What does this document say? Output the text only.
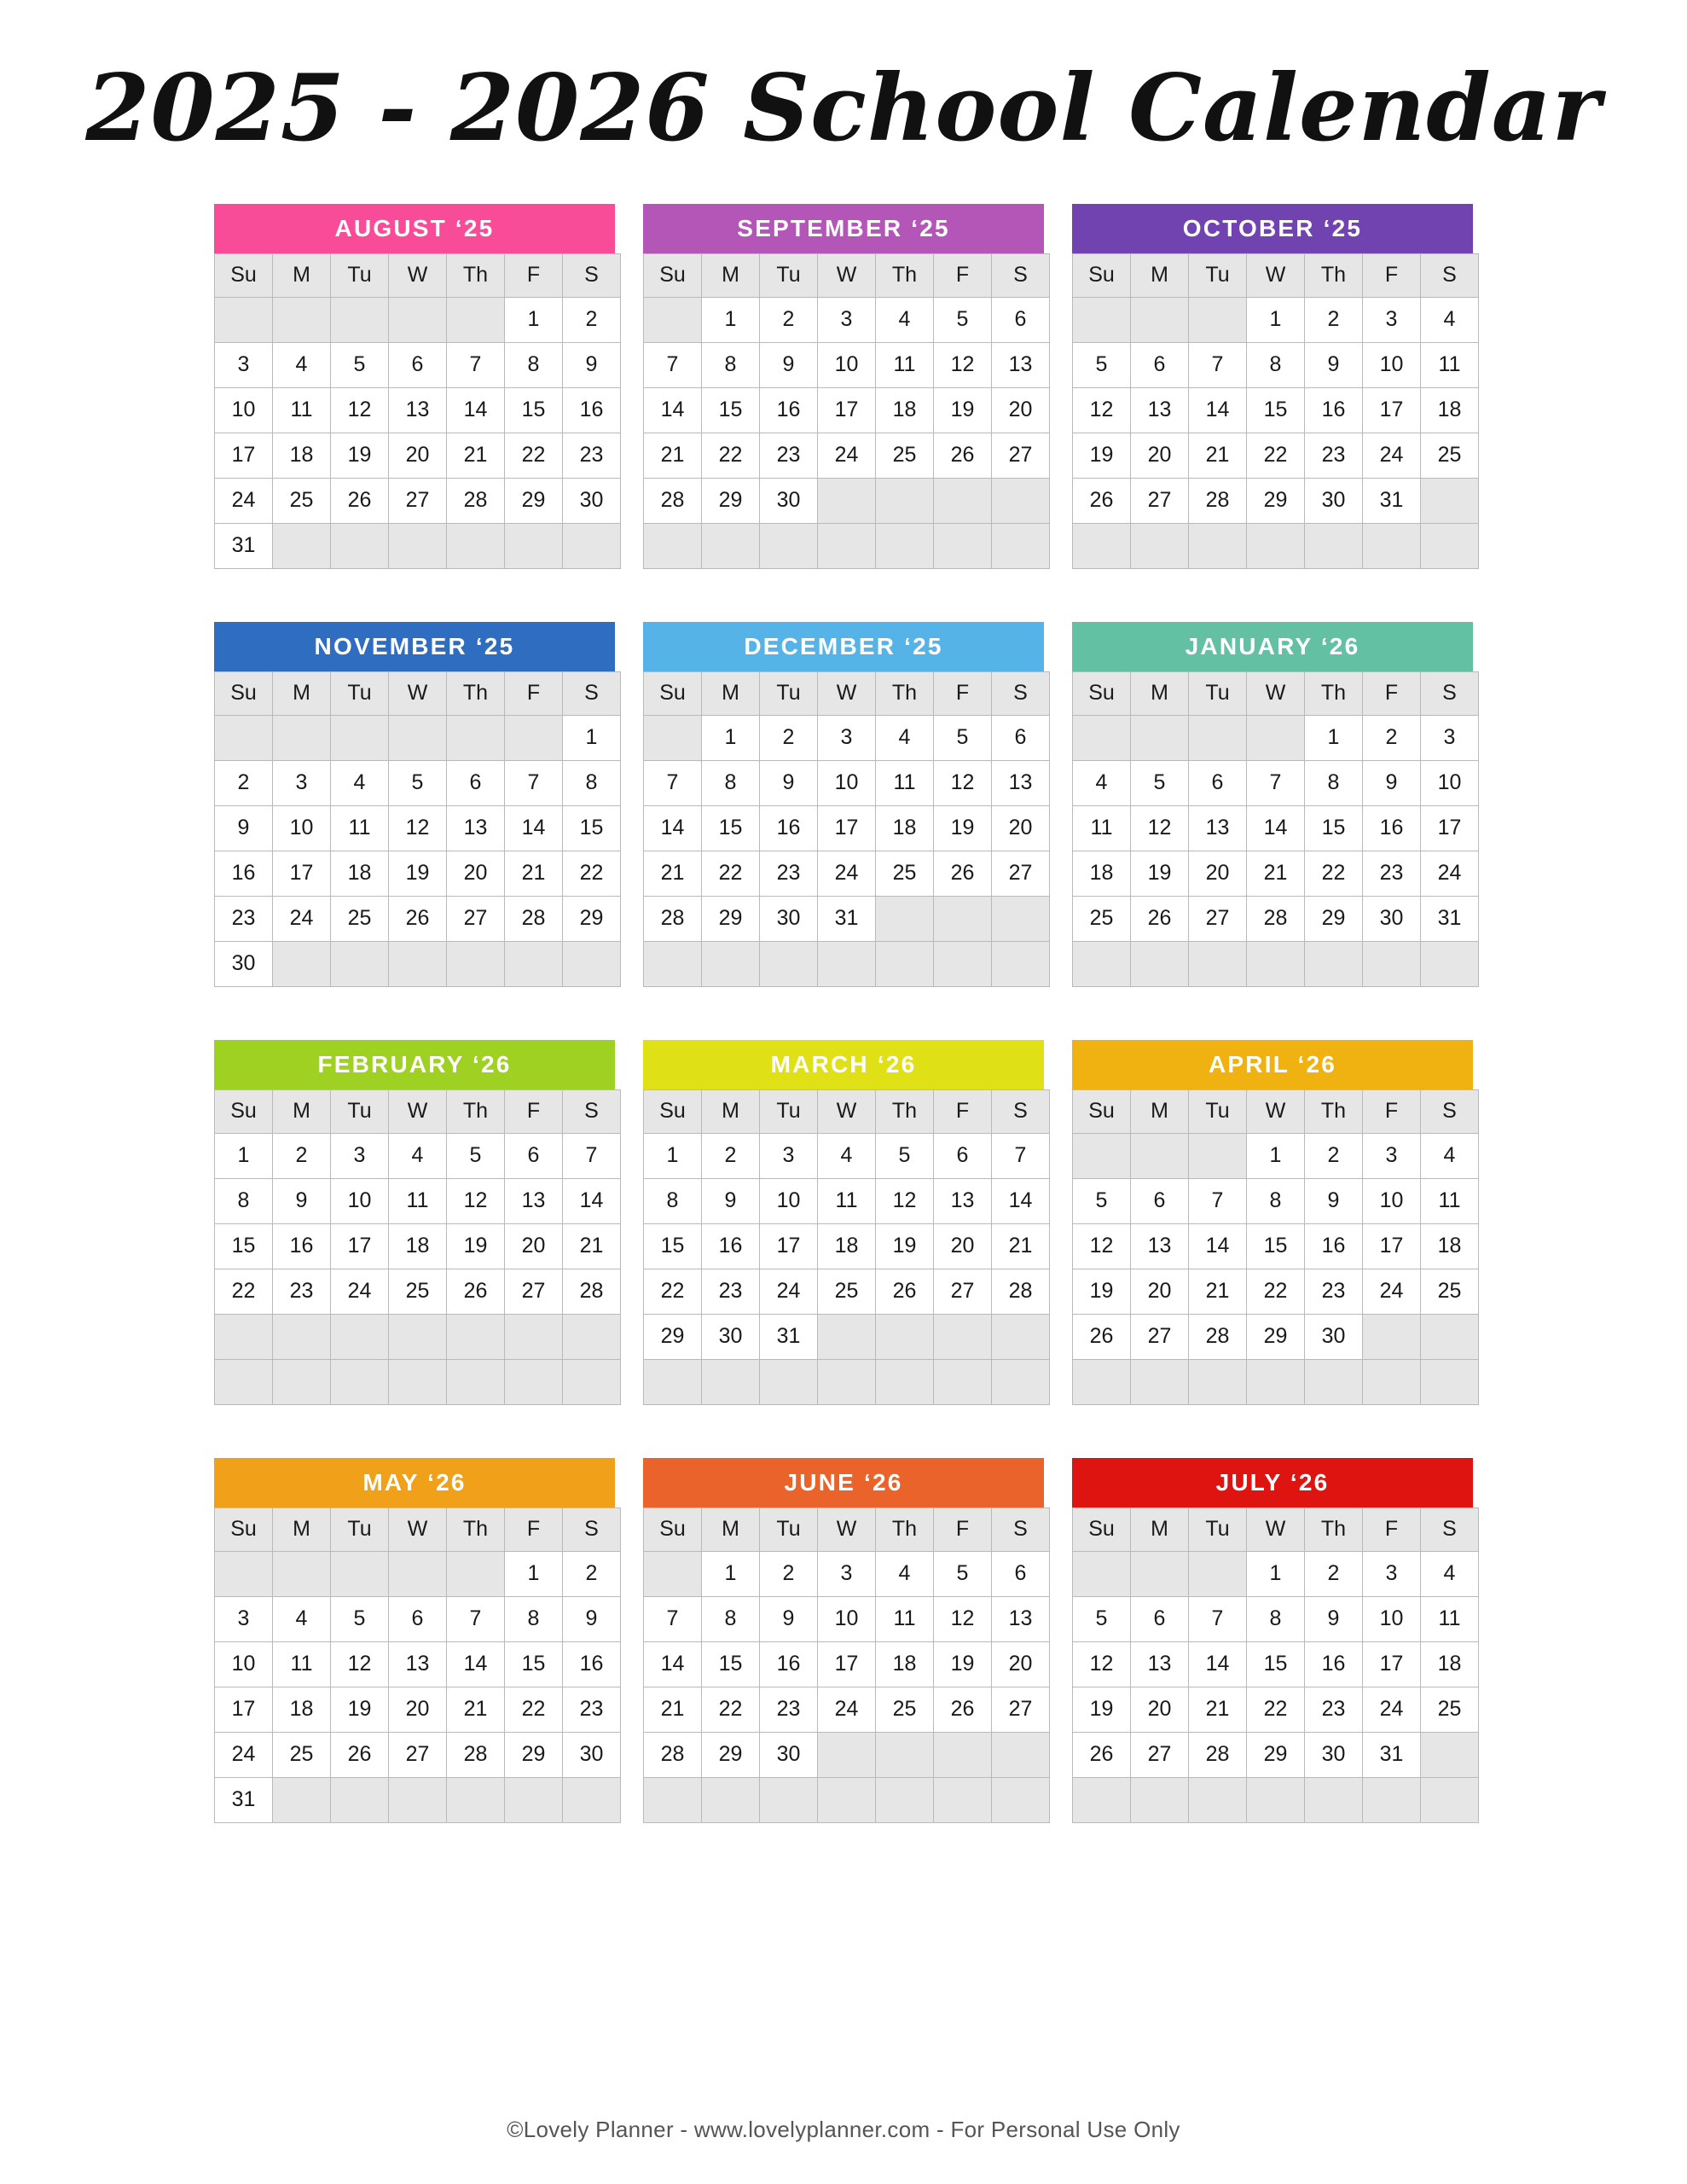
2025 - 2026 School Calendar
AUGUST ‘25
Su	M	Tu	W	Th	F	S
					1	2
3	4	5	6	7	8	9
10	11	12	13	14	15	16
17	18	19	20	21	22	23
24	25	26	27	28	29	30
31						
SEPTEMBER ‘25
Su	M	Tu	W	Th	F	S
	1	2	3	4	5	6
7	8	9	10	11	12	13
14	15	16	17	18	19	20
21	22	23	24	25	26	27
28	29	30				

OCTOBER ‘25
Su	M	Tu	W	Th	F	S
			1	2	3	4
5	6	7	8	9	10	11
12	13	14	15	16	17	18
19	20	21	22	23	24	25
26	27	28	29	30	31	

NOVEMBER ‘25
Su	M	Tu	W	Th	F	S
						1
2	3	4	5	6	7	8
9	10	11	12	13	14	15
16	17	18	19	20	21	22
23	24	25	26	27	28	29
30						
DECEMBER ‘25
Su	M	Tu	W	Th	F	S
	1	2	3	4	5	6
7	8	9	10	11	12	13
14	15	16	17	18	19	20
21	22	23	24	25	26	27
28	29	30	31			

JANUARY ‘26
Su	M	Tu	W	Th	F	S
				1	2	3
4	5	6	7	8	9	10
11	12	13	14	15	16	17
18	19	20	21	22	23	24
25	26	27	28	29	30	31

FEBRUARY ‘26
Su	M	Tu	W	Th	F	S
1	2	3	4	5	6	7
8	9	10	11	12	13	14
15	16	17	18	19	20	21
22	23	24	25	26	27	28

MARCH ‘26
Su	M	Tu	W	Th	F	S
1	2	3	4	5	6	7
8	9	10	11	12	13	14
15	16	17	18	19	20	21
22	23	24	25	26	27	28
29	30	31				

APRIL ‘26
Su	M	Tu	W	Th	F	S
			1	2	3	4
5	6	7	8	9	10	11
12	13	14	15	16	17	18
19	20	21	22	23	24	25
26	27	28	29	30		

MAY ‘26
Su	M	Tu	W	Th	F	S
					1	2
3	4	5	6	7	8	9
10	11	12	13	14	15	16
17	18	19	20	21	22	23
24	25	26	27	28	29	30
31						
JUNE ‘26
Su	M	Tu	W	Th	F	S
	1	2	3	4	5	6
7	8	9	10	11	12	13
14	15	16	17	18	19	20
21	22	23	24	25	26	27
28	29	30				

JULY ‘26
Su	M	Tu	W	Th	F	S
			1	2	3	4
5	6	7	8	9	10	11
12	13	14	15	16	17	18
19	20	21	22	23	24	25
26	27	28	29	30	31	

©Lovely Planner - www.lovelyplanner.com - For Personal Use Only
